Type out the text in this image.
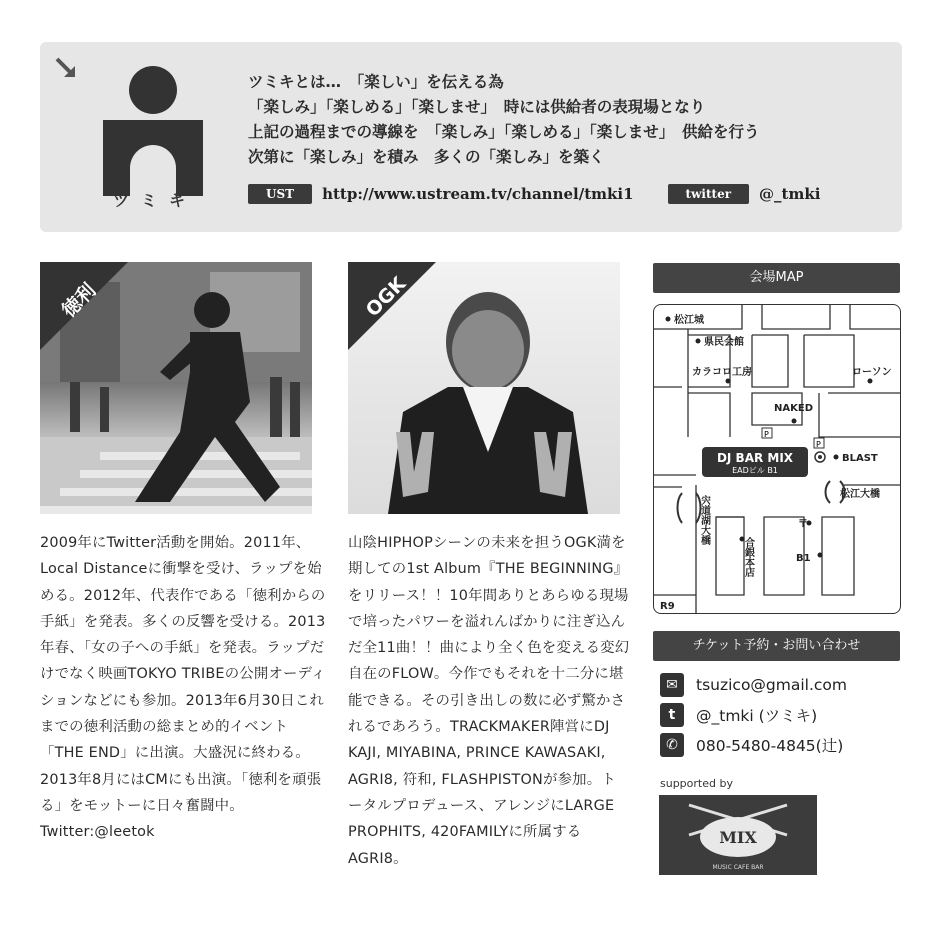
ツミキ
ツミキとは…　「楽しい」を伝える為
「楽しみ」「楽しめる」「楽しませ」　時には供給者の表現場となり
上記の過程までの導線を　「楽しみ」「楽しめる」「楽しませ」　供給を行う
次第に「楽しみ」を積み　多くの「楽しみ」を築く
UST	http://www.ustream.tv/channel/tmki1	twitter	@_tmki
徳利	OGK
2009年にTwitter活動を開始。2011年、Local Distanceに衝撃を受け、ラップを始める。2012年、代表作である「徳利からの手紙」を発表。多くの反響を受ける。2013年春、「女の子への手紙」を発表。ラップだけでなく映画TOKYO TRIBEの公開オーディションなどにも参加。2013年6月30日これまでの徳利活動の総まとめ的イベント「THE END」に出演。大盛況に終わる。2013年8月にはCMにも出演。「徳利を頑張る」をモットーに日々奮闘中。
Twitter:@leetok
山陰HIPHOPシーンの未来を担うOGK満を期しての1st Album『THE BEGINNING』をリリース！！10年間ありとあらゆる現場で培ったパワーを溢れんばかりに注ぎ込んだ全11曲！！曲により全く色を変える変幻自在のFLOW。今作でもそれを十二分に堪能できる。その引き出しの数に必ず驚かされるであろう。TRACKMAKER陣営にDJ KAJI, MIYABINA, PRINCE KAWASAKI, AGRI8, 符和, FLASHPISTONが参加。トータルプロデュース、アレンジにLARGE PROPHITS, 420FAMILYに所属するAGRI8。
会場MAP
松江城
県民会館
カラコロ工房	ローソン
NAKED
BLAST
松江大橋
B1
〒
R9
宍道湖大橋
合銀本店
P
P
DJ BAR MIX
EADビル B1
チケット予約・お問い合わせ
✉	tsuzico@gmail.com
t	@_tmki (ツミキ)
✆	080-5480-4845(辻)
supported by
MIX
MUSIC CAFE BAR
